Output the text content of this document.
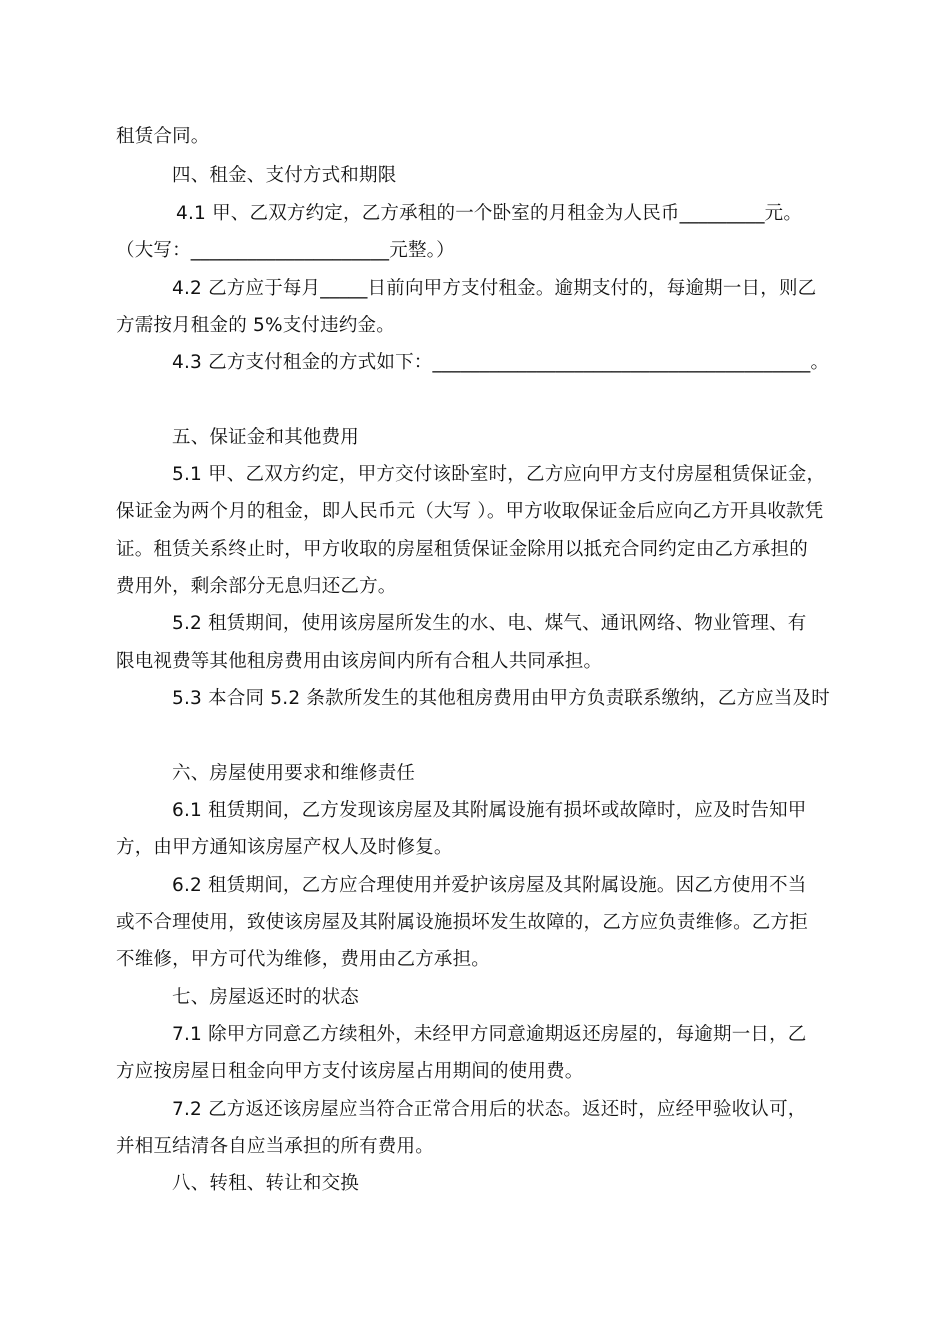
租赁合同。
四、租金、支付方式和期限
4.1 甲、乙双方约定，乙方承租的一个卧室的月租金为人民币_________元。
（大写：_____________________元整。）
4.2 乙方应于每月_____日前向甲方支付租金。逾期支付的，每逾期一日，则乙
方需按月租金的 5%支付违约金。
4.3 乙方支付租金的方式如下：________________________________________。
五、保证金和其他费用
5.1 甲、乙双方约定，甲方交付该卧室时，乙方应向甲方支付房屋租赁保证金，
保证金为两个月的租金，即人民币元（大写 ）。甲方收取保证金后应向乙方开具收款凭
证。租赁关系终止时，甲方收取的房屋租赁保证金除用以抵充合同约定由乙方承担的
费用外，剩余部分无息归还乙方。
5.2 租赁期间，使用该房屋所发生的水、电、煤气、通讯网络、物业管理、有
限电视费等其他租房费用由该房间内所有合租人共同承担。
5.3 本合同 5.2 条款所发生的其他租房费用由甲方负责联系缴纳，乙方应当及时
六、房屋使用要求和维修责任
6.1 租赁期间，乙方发现该房屋及其附属设施有损坏或故障时，应及时告知甲
方，由甲方通知该房屋产权人及时修复。
6.2 租赁期间，乙方应合理使用并爱护该房屋及其附属设施。因乙方使用不当
或不合理使用，致使该房屋及其附属设施损坏发生故障的，乙方应负责维修。乙方拒
不维修，甲方可代为维修，费用由乙方承担。
七、房屋返还时的状态
7.1 除甲方同意乙方续租外，未经甲方同意逾期返还房屋的，每逾期一日，乙
方应按房屋日租金向甲方支付该房屋占用期间的使用费。
7.2 乙方返还该房屋应当符合正常合用后的状态。返还时，应经甲验收认可，
并相互结清各自应当承担的所有费用。
八、转租、转让和交换
